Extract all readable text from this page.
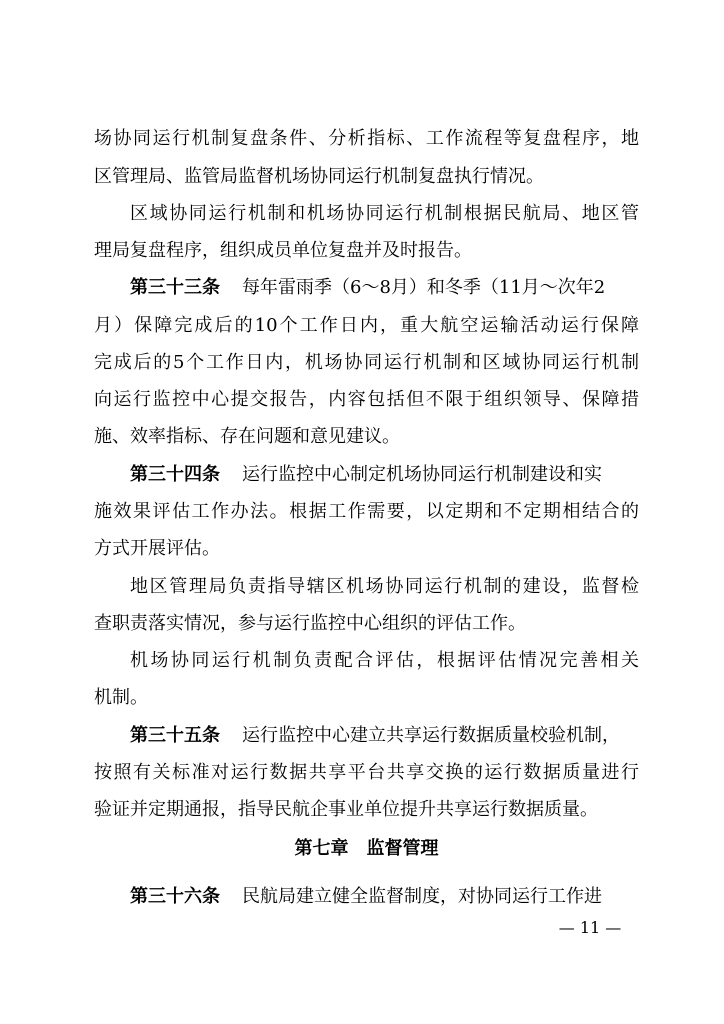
场协同运行机制复盘条件、分析指标、工作流程等复盘程序，地
区管理局、监管局监督机场协同运行机制复盘执行情况。
区域协同运行机制和机场协同运行机制根据民航局、地区管
理局复盘程序，组织成员单位复盘并及时报告。
第三十三条 每年雷雨季（6～8月）和冬季（11月～次年2
月）保障完成后的10个工作日内，重大航空运输活动运行保障
完成后的5个工作日内，机场协同运行机制和区域协同运行机制
向运行监控中心提交报告，内容包括但不限于组织领导、保障措
施、效率指标、存在问题和意见建议。
第三十四条 运行监控中心制定机场协同运行机制建设和实
施效果评估工作办法。根据工作需要，以定期和不定期相结合的
方式开展评估。
地区管理局负责指导辖区机场协同运行机制的建设，监督检
查职责落实情况，参与运行监控中心组织的评估工作。
机场协同运行机制负责配合评估，根据评估情况完善相关
机制。
第三十五条 运行监控中心建立共享运行数据质量校验机制，
按照有关标准对运行数据共享平台共享交换的运行数据质量进行
验证并定期通报，指导民航企事业单位提升共享运行数据质量。
第七章　监督管理
第三十六条 民航局建立健全监督制度，对协同运行工作进
— 11 —
